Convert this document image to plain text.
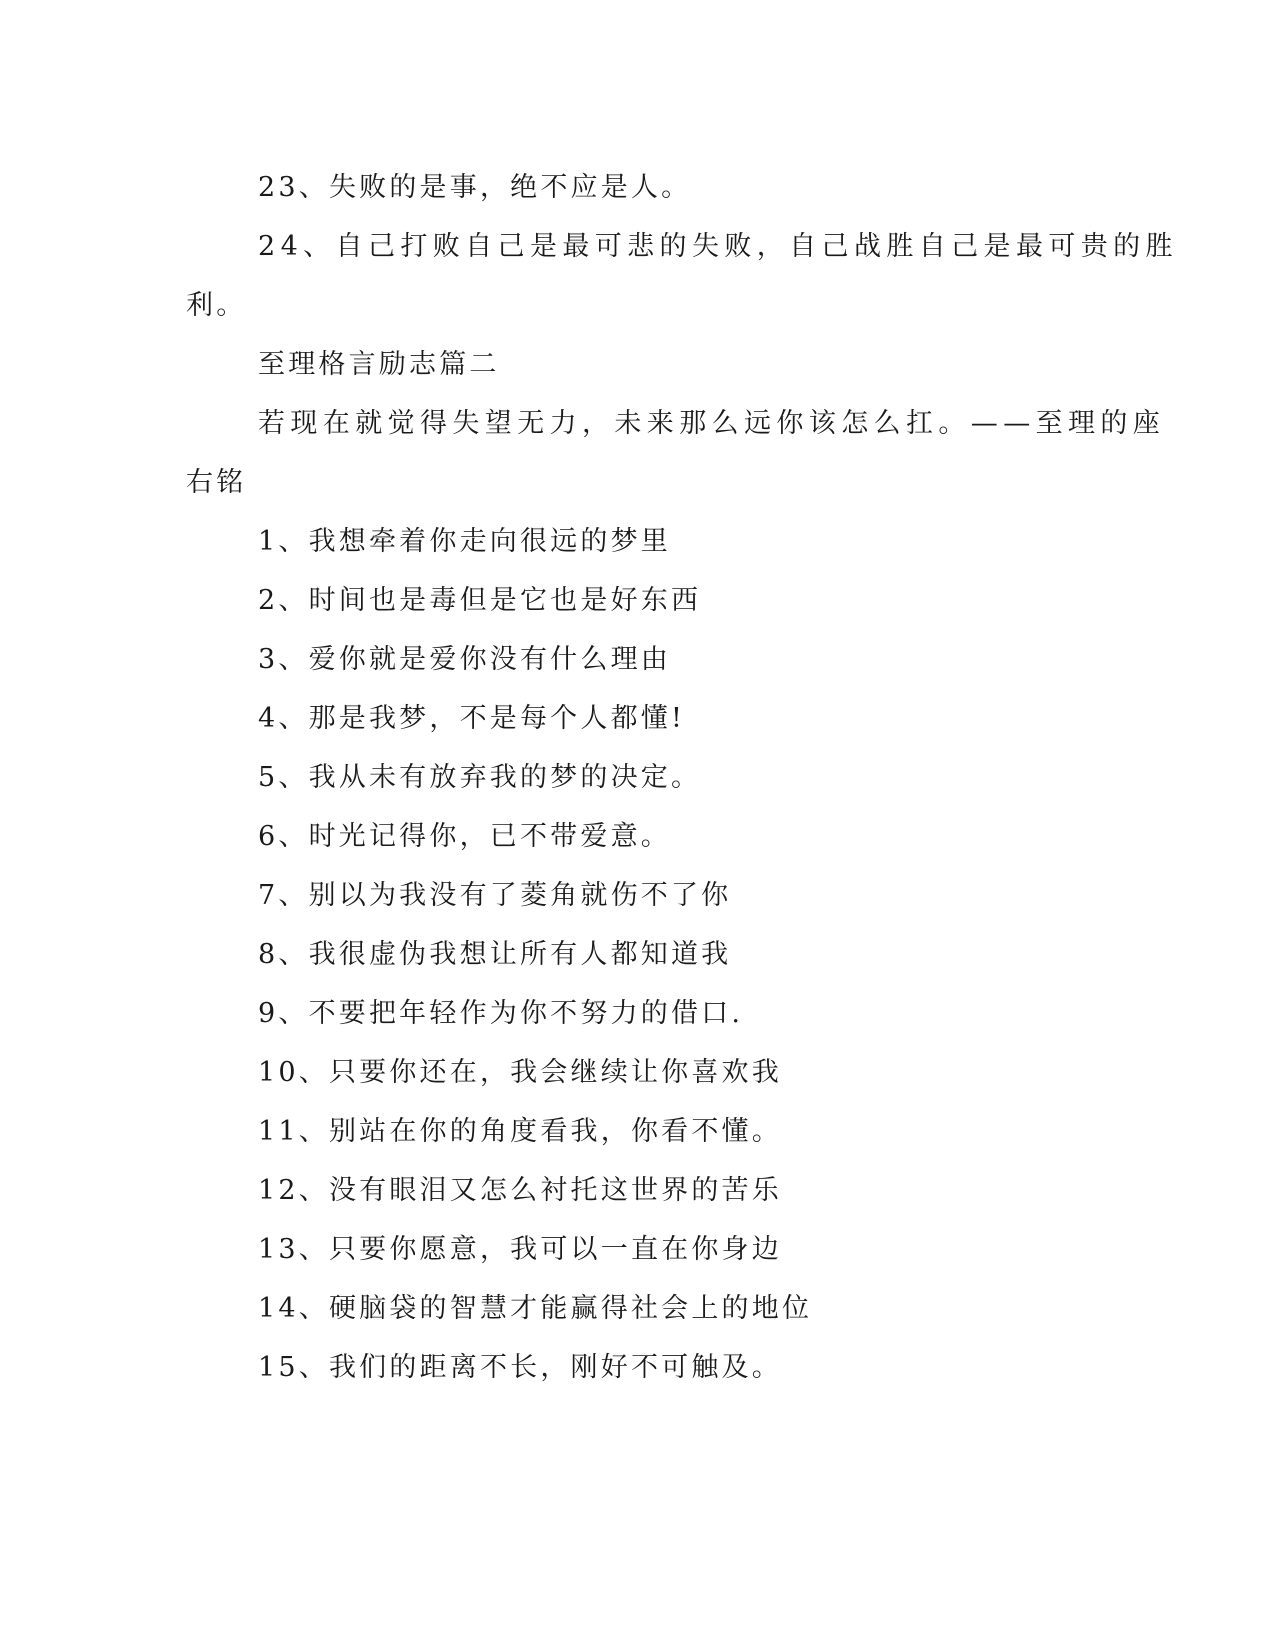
23、失败的是事，绝不应是人。
24、自己打败自己是最可悲的失败，自己战胜自己是最可贵的胜
利。
至理格言励志篇二
若现在就觉得失望无力，未来那么远你该怎么扛。——至理的座
右铭
1、我想牵着你走向很远的梦里
2、时间也是毒但是它也是好东西
3、爱你就是爱你没有什么理由
4、那是我梦，不是每个人都懂!
5、我从未有放弃我的梦的决定。
6、时光记得你，已不带爱意。
7、别以为我没有了菱角就伤不了你
8、我很虚伪我想让所有人都知道我
9、不要把年轻作为你不努力的借口.
10、只要你还在，我会继续让你喜欢我
11、别站在你的角度看我，你看不懂。
12、没有眼泪又怎么衬托这世界的苦乐
13、只要你愿意，我可以一直在你身边
14、硬脑袋的智慧才能赢得社会上的地位
15、我们的距离不长，刚好不可触及。
